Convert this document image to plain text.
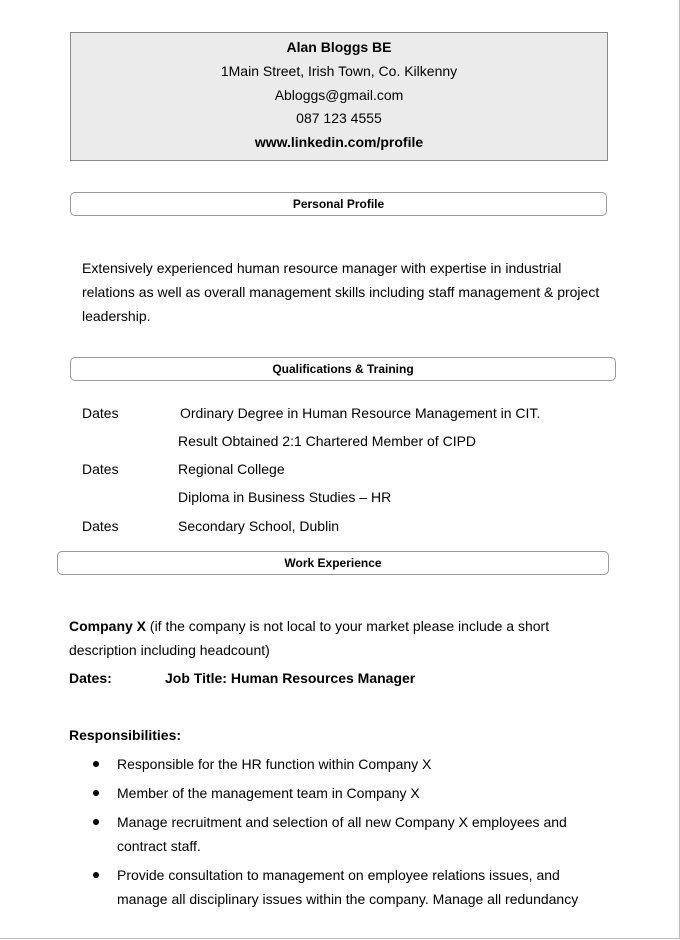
Alan Bloggs BE
1Main Street, Irish Town, Co. Kilkenny
Abloggs@gmail.com
087 123 4555
www.linkedin.com/profile
Personal Profile
Extensively experienced human resource manager with expertise in industrial
relations as well as overall management skills including staff management & project
leadership.
Qualifications & Training
Dates	Ordinary Degree in Human Resource Management in CIT.
Result Obtained 2:1 Chartered Member of CIPD
Dates	Regional College
Diploma in Business Studies – HR
Dates	Secondary School, Dublin
Work Experience
Company X (if the company is not local to your market please include a short
description including headcount)
Dates:	Job Title: Human Resources Manager
Responsibilities:
Responsible for the HR function within Company X
Member of the management team in Company X
Manage recruitment and selection of all new Company X employees and
contract staff.
Provide consultation to management on employee relations issues, and
manage all disciplinary issues within the company. Manage all redundancy
